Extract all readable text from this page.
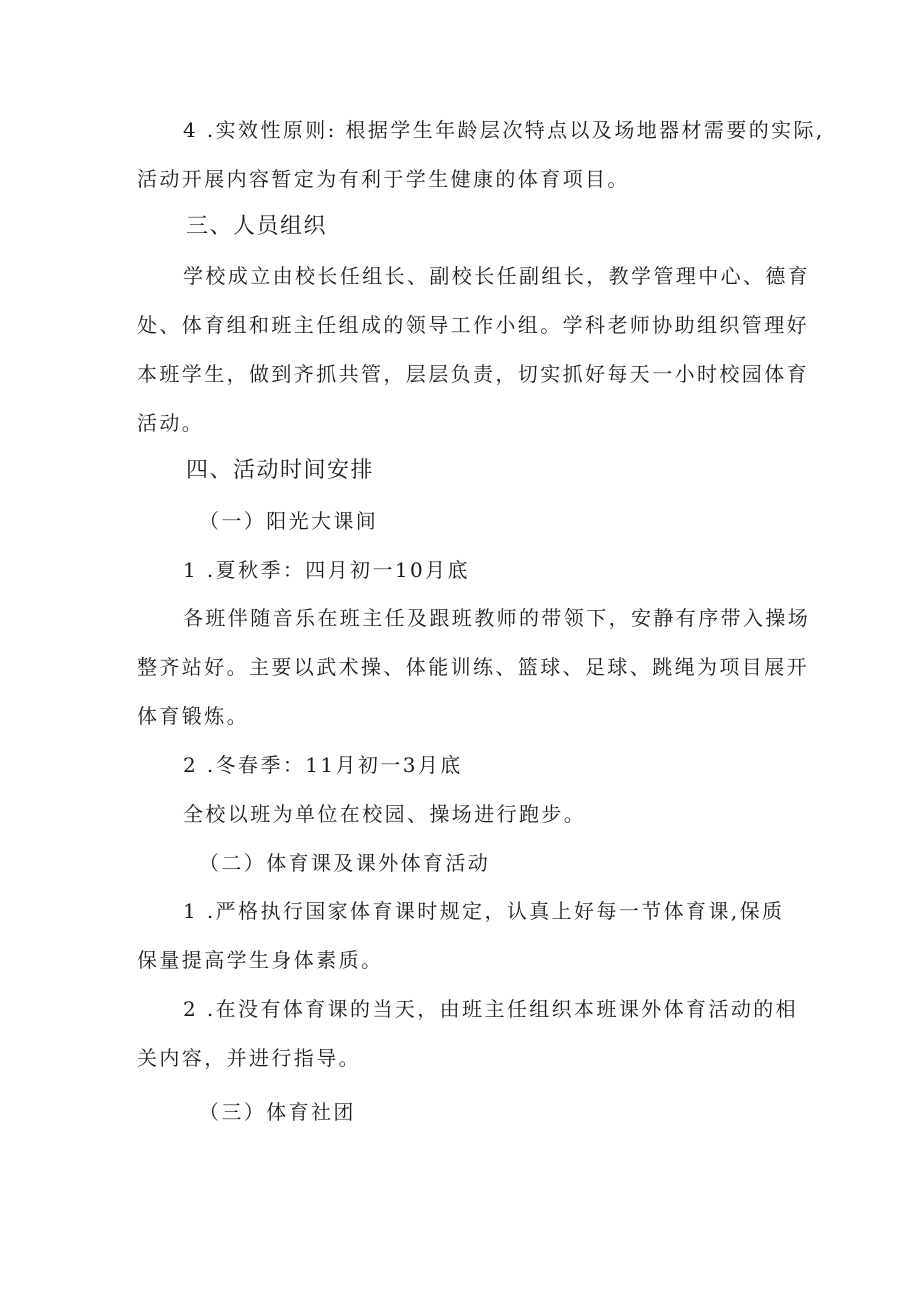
4 .实效性原则: 根据学生年龄层次特点以及场地器材需要的实际,
活动开展内容暂定为有利于学生健康的体育项目。
三、人员组织
学校成立由校长任组长、副校长任副组长，教学管理中心、德育
处、体育组和班主任组成的领导工作小组。学科老师协助组织管理好
本班学生，做到齐抓共管，层层负责，切实抓好每天一小时校园体育
活动。
四、活动时间安排
（一）阳光大课间
1 .夏秋季：四月初一10月底
各班伴随音乐在班主任及跟班教师的带领下，安静有序带入操场
整齐站好。主要以武术操、体能训练、篮球、足球、跳绳为项目展开
体育锻炼。
2 .冬春季：11月初一3月底
全校以班为单位在校园、操场进行跑步。
（二）体育课及课外体育活动
1 .严格执行国家体育课时规定，认真上好每一节体育课,保质
保量提高学生身体素质。
2 .在没有体育课的当天，由班主任组织本班课外体育活动的相
关内容，并进行指导。
（三）体育社团
